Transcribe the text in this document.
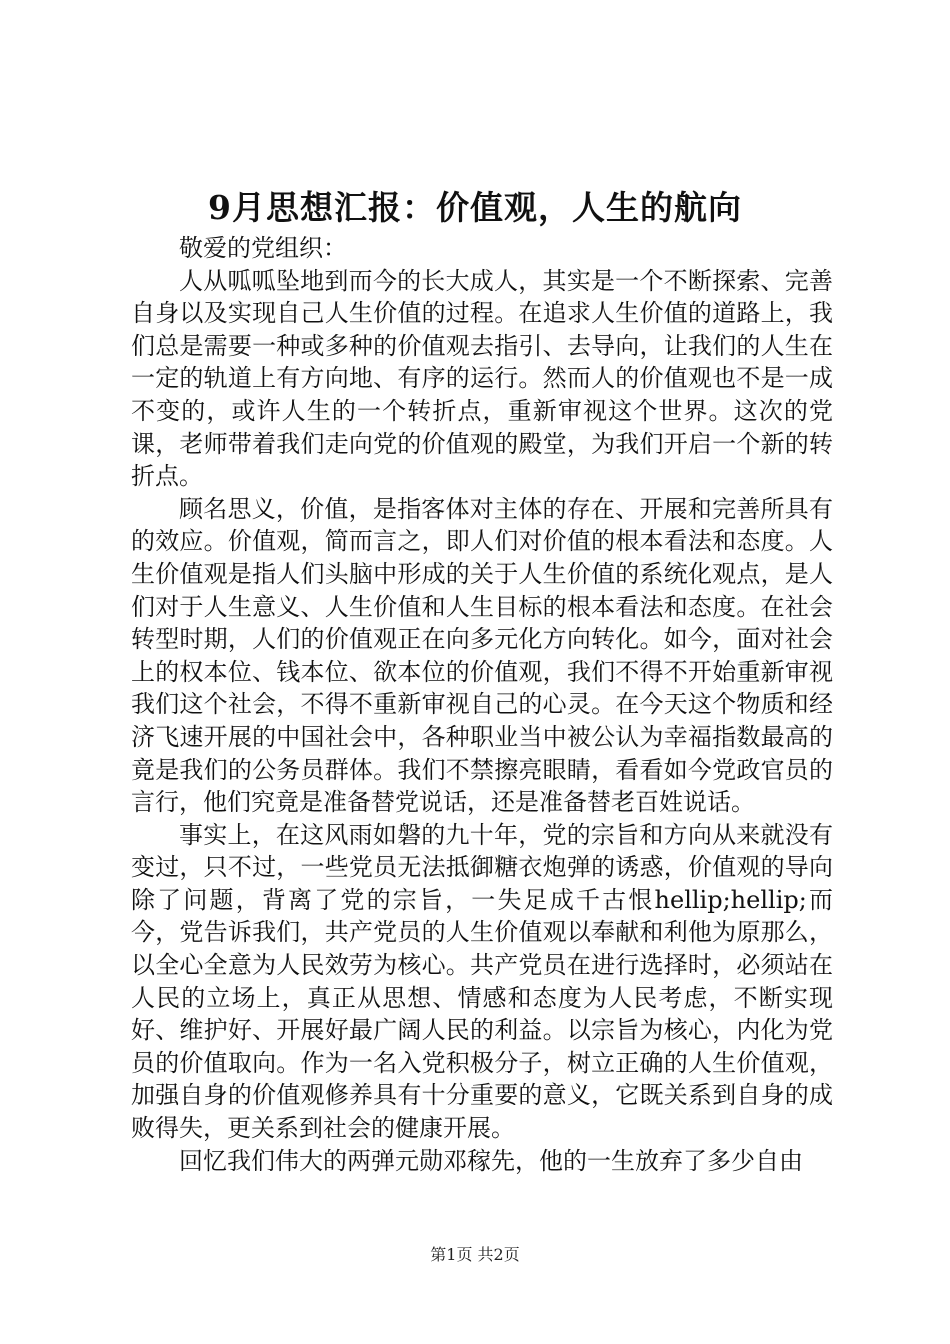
9月思想汇报：价值观，人生的航向

敬爱的党组织：

人从呱呱坠地到而今的长大成人，其实是一个不断探索、完善自身以及实现自己人生价值的过程。在追求人生价值的道路上，我们总是需要一种或多种的价值观去指引、去导向，让我们的人生在一定的轨道上有方向地、有序的运行。然而人的价值观也不是一成不变的，或许人生的一个转折点，重新审视这个世界。这次的党课，老师带着我们走向党的价值观的殿堂，为我们开启一个新的转折点。

顾名思义，价值，是指客体对主体的存在、开展和完善所具有的效应。价值观，简而言之，即人们对价值的根本看法和态度。人生价值观是指人们头脑中形成的关于人生价值的系统化观点，是人们对于人生意义、人生价值和人生目标的根本看法和态度。在社会转型时期，人们的价值观正在向多元化方向转化。如今，面对社会上的权本位、钱本位、欲本位的价值观，我们不得不开始重新审视我们这个社会，不得不重新审视自己的心灵。在今天这个物质和经济飞速开展的中国社会中，各种职业当中被公认为幸福指数最高的竟是我们的公务员群体。我们不禁擦亮眼睛，看看如今党政官员的言行，他们究竟是准备替党说话，还是准备替老百姓说话。

事实上，在这风雨如磐的九十年，党的宗旨和方向从来就没有变过，只不过，一些党员无法抵御糖衣炮弹的诱惑，价值观的导向除了问题，背离了党的宗旨，一失足成千古恨hellip;hellip;而今，党告诉我们，共产党员的人生价值观以奉献和利他为原那么，以全心全意为人民效劳为核心。共产党员在进行选择时，必须站在人民的立场上，真正从思想、情感和态度为人民考虑，不断实现好、维护好、开展好最广阔人民的利益。以宗旨为核心，内化为党员的价值取向。作为一名入党积极分子，树立正确的人生价值观，加强自身的价值观修养具有十分重要的意义，它既关系到自身的成败得失，更关系到社会的健康开展。

回忆我们伟大的两弹元勋邓稼先，他的一生放弃了多少自由

第1页 共2页
